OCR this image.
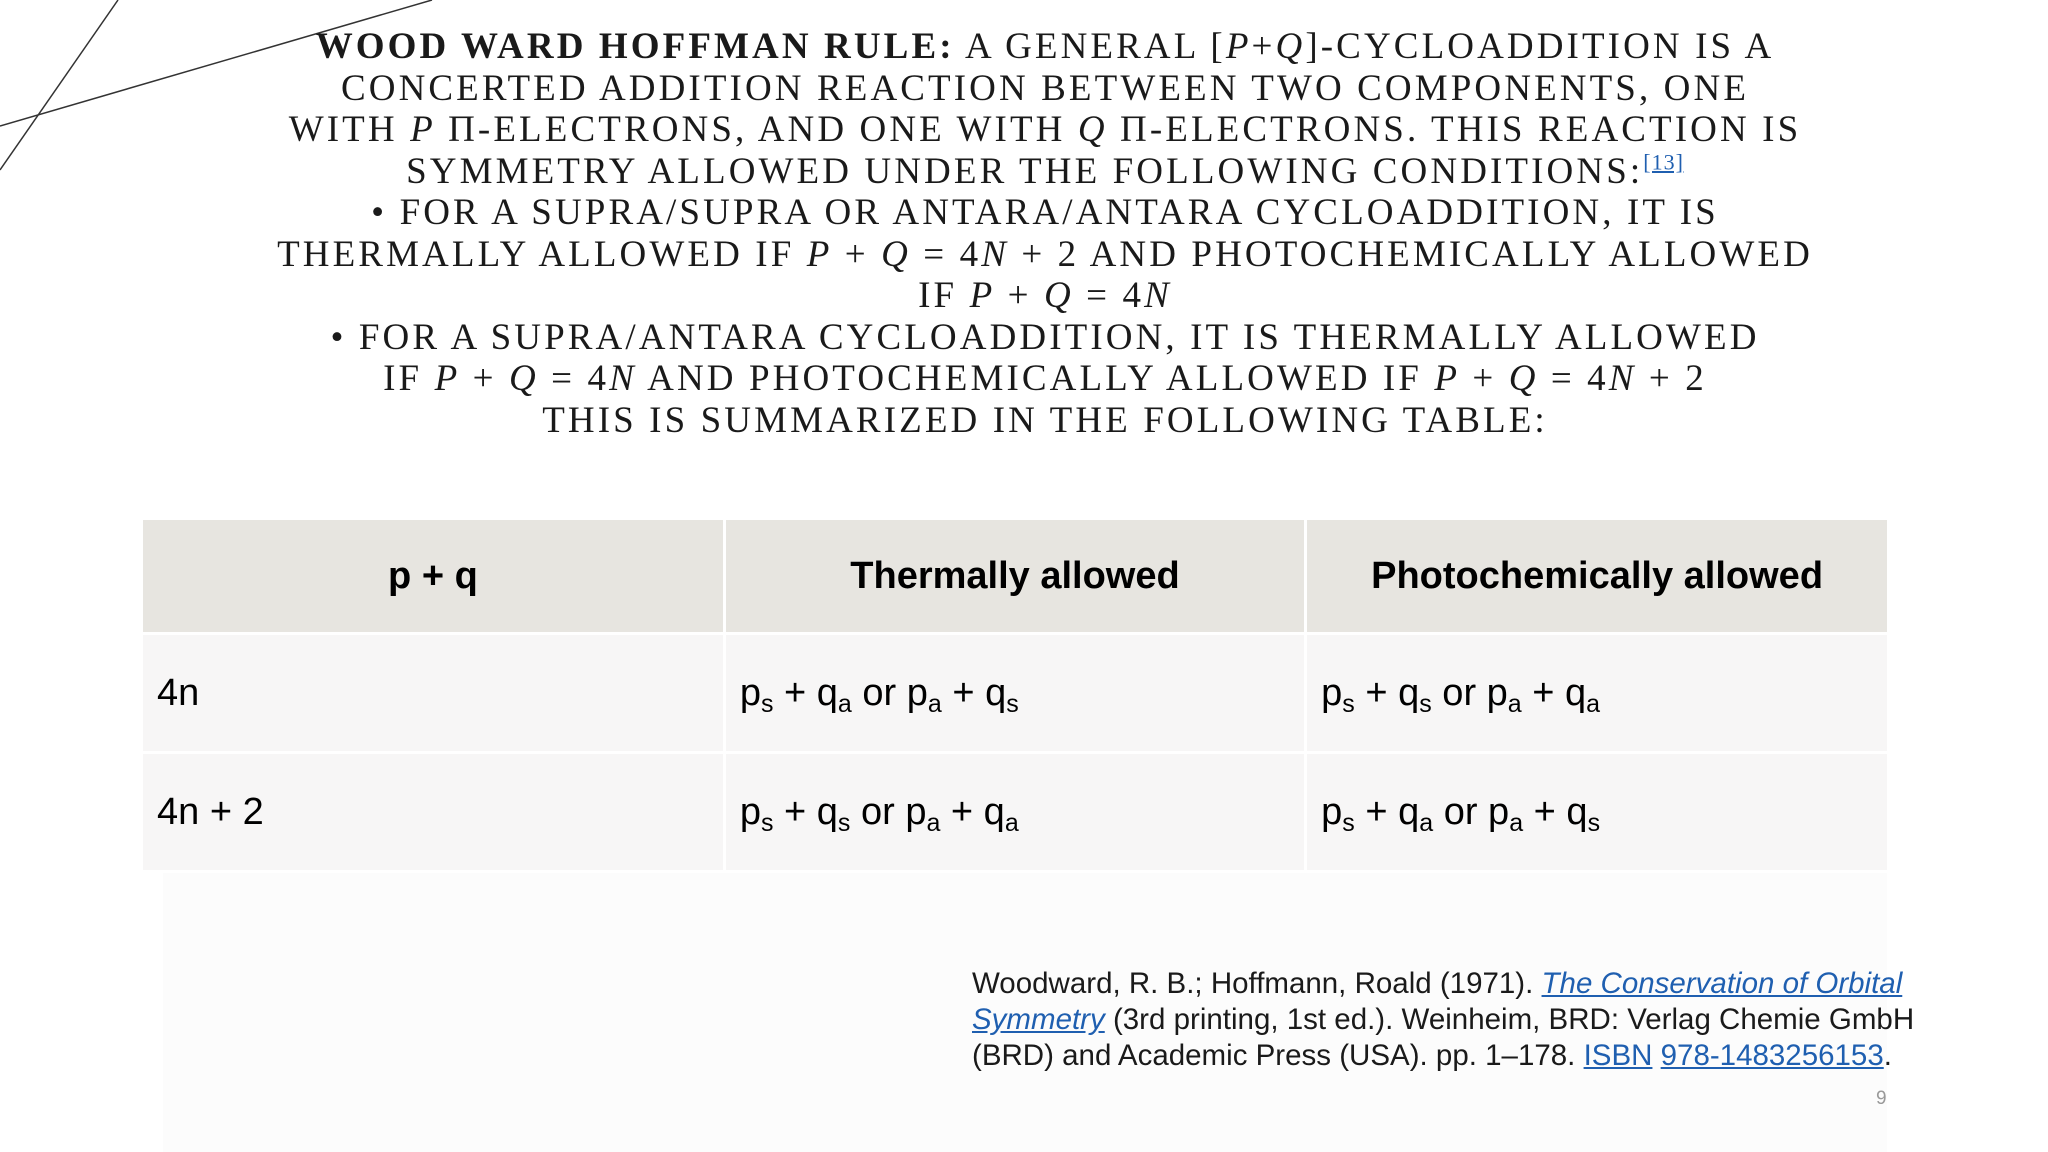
WOOD WARD HOFFMAN RULE: A GENERAL [P+Q]-CYCLOADDITION IS A
CONCERTED ADDITION REACTION BETWEEN TWO COMPONENTS, ONE
WITH P Π-ELECTRONS, AND ONE WITH Q Π-ELECTRONS. THIS REACTION IS
SYMMETRY ALLOWED UNDER THE FOLLOWING CONDITIONS:[13]
• FOR A SUPRA/SUPRA OR ANTARA/ANTARA CYCLOADDITION, IT IS
THERMALLY ALLOWED IF P + Q = 4N + 2 AND PHOTOCHEMICALLY ALLOWED
IF P + Q = 4N
• FOR A SUPRA/ANTARA CYCLOADDITION, IT IS THERMALLY ALLOWED
IF P + Q = 4N AND PHOTOCHEMICALLY ALLOWED IF P + Q = 4N + 2
THIS IS SUMMARIZED IN THE FOLLOWING TABLE:
p + q	Thermally allowed	Photochemically allowed
4n	$p_s + q_a$ or $p_a + q_s$	$p_s + q_s$ or $p_a + q_a$
4n + 2	$p_s + q_s$ or $p_a + q_a$	$p_s + q_a$ or $p_a + q_s$
Woodward, R. B.; Hoffmann, Roald (1971). The Conservation of Orbital
Symmetry (3rd printing, 1st ed.). Weinheim, BRD: Verlag Chemie GmbH
(BRD) and Academic Press (USA). pp. 1–178. ISBN 978-1483256153.
9
